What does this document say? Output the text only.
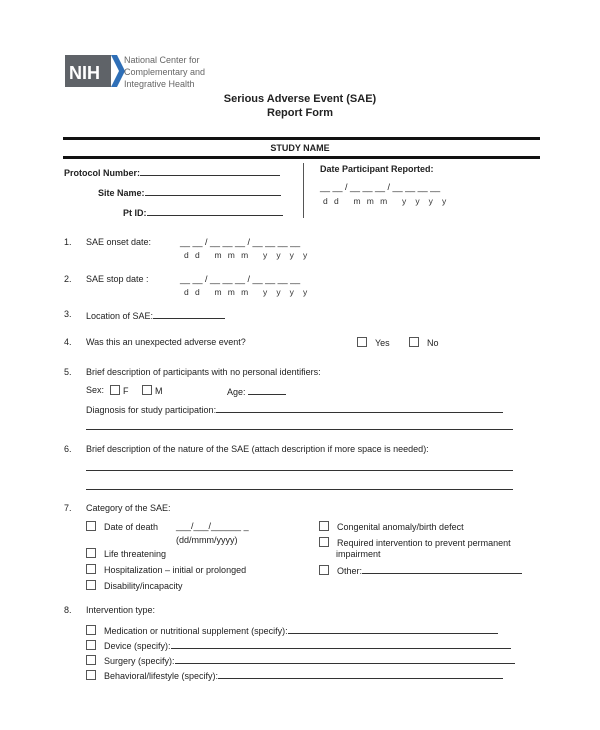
NIH
National Center for
Complementary and
Integrative Health
Serious Adverse Event (SAE)
Report Form
STUDY NAME
Protocol Number:
Site Name:
Pt ID:
Date Participant Reported:
__ __ / __ __ __ / __ __ __ __
d  d     m  m  m     y   y   y   y
1. SAE onset date:	__ __ / __ __ __ / __ __ __ __
d  d     m  m  m     y   y   y   y
2. SAE stop date :	__ __ / __ __ __ / __ __ __ __
d  d     m  m  m     y   y   y   y
3. Location of SAE:
4. Was this an unexpected adverse event?	Yes	No
5. Brief description of participants with no personal identifiers:
Sex:	F	M	Age:
Diagnosis for study participation:
6. Brief description of the nature of the SAE (attach description if more space is needed):
7. Category of the SAE:
Date of death ___/___/______ _
(dd/mmm/yyyy)
Life threatening
Hospitalization – initial or prolonged
Disability/incapacity
Congenital anomaly/birth defect
Required intervention to prevent permanent
impairment
Other:
8. Intervention type:
Medication or nutritional supplement (specify):
Device (specify):
Surgery (specify):
Behavioral/lifestyle (specify):
